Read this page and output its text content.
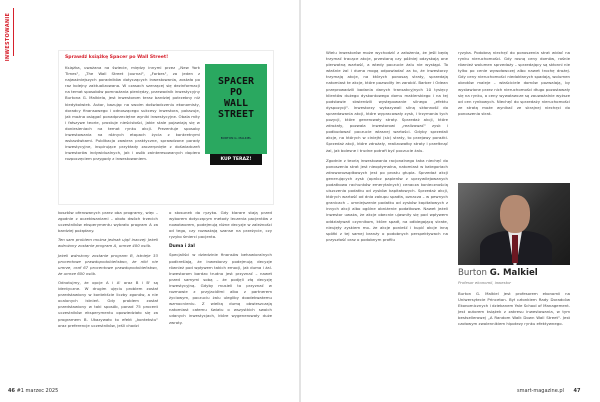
INWESTOWANIE	Sprawdź książkę Spacer po Wall Street!

Książka, uważana na świecie, między innymi przez „New York Times", „The Wall Street Journal", „Forbes", za jeden z najważniejszych poradników dotyczących inwestowania, została po raz kolejny zaktualizowana. W czasach szerzącej się dezinformacji na temat sposobów pomnażania pieniędzy, przewodnik inwestycyjny Burtona G. Malkiela, jest inwestorom teraz bardziej potrzebny niż kiedykolwiek. Autor, bazując na swoim doświadczeniu ekonomisty, doradcy finansowego i odnoszącego sukcesy inwestora, pokazuje, jak można osiągać ponadprzeciętne wyniki inwestycyjne. Obala mity i fałszywe teorie, prostuje nieścisłości, jakie stale pojawiają się w doniesieniach na temat rynku akcji. Prezentuje sposoby inwestowania na różnych etapach życia z konkretnymi wskazówkami. Publikacja zawiera praktyczne, sprawdzone porady inwestycyjne, inspirujące przykłady zaczerpnięte z doświadczeń inwestorów indywidualnych, jak i osób zainteresowanych dopiero rozpoczęciem przygody z inwestowaniem.

SPACER
PO
WALL
STREET
BURTON G. MALKIEL
KUP TERAZ!

kosztów oferowanych przez oba programy, więc – zgodnie z oczekiwaniami – około dwóch trzecich uczestników eksperymentu wybrało program A za bardziej pożądany.

Ten sam problem można jednak ująć inaczej: Jeżeli wdrożony zostanie program A, umrze 400 osób.

Jeżeli wdrożony zostanie program B, istnieje 33 procentowe prawdopodobieństwo, że nikt nie umrze, oraf 67 procentowe prawdopodobieństwo, że umrze 600 osób.

Odnotujmy, że opcje A i A' oraz B i B' są identyczne. W drugim ujęciu problem został przedstawiony w kontekście liczby zgonów, a nie ocalonych istnień. Gdy problem został przedstawiony w taki sposób, ponad 75 procent uczestników eksperymentu opowiedziało się za programem B. Ukazywało to efekt „kontekstu" oraz preferencje uczestników, jeśli chodzi

o stosunek do ryzyka. Gdy klarare stają przed wyborem dotyczącym metody leczenia pacjentów z nowotworem, podejmują różne decyzje w zależności od tego, czy rozważają szanse na przeżycie, czy ryzyko śmierci pacjenta.

Duma i żal

Specjaliści w dziedzinie finansów behawioralnych podkreślają, że inwestorzy podejmują decyzje również pod wpływem takich emocji, jak duma i żal. Inwestorom bardzo trudno jest przyznać – nawet przed samymi sobą – że podjęli złą decyzję inwestycyjną. Gdyby musieli to przyznać w rozmowie z przyjaciółmi albo z partnerem życiowym, poczuciu żalu ulegliby doadekwatemu wzmocnieniu. Z wielką dumą obwieszczają natomiast całemu światu o wszystkich swoich udanych inwestycjach, które wygenerowały duże zwroty.

46 #1 marzec 2025

Wielu inwestorów może wychodzić z założenia, że jeśli będą trzymać tracące akcje, przestaną czy później odzyskają one pierwotną wartość, a wtedy poczucie żalu nie wystąpi. To właśnie żal i duma mogą odpowiadać za to, że inwestorzy trzymają akcje, na których ponoszą straty, sprzedają natomiast te akcje, które pozwoliły im zarobić. Barber i Odean przeprowadzili badania danych transakcyjnych 10 tysięcy klientów dużego dyskontowego domu maklerskiego i na tej podstawie stwierdzili występowanie silnego „efektu dyspozycji". Inwestorzy wykazywali silną skłonność do sprzedawania akcji, które wypracowały zysk, i trzymania tych pozycji, które generowały straty. Sprzedaż akcji, które zdrożały, pozwala inwestorowi „realizować" zysk i podbudować poczucie własnej wartości. Gdyby sprzedali akcje, na których w ciniejhi (sic) straty, to przejawy porażki. Sprzedaż akcji, które zdrożały, realizowałby straty i przełknąć żal, jak bolesne i trudne potrafi być poczucie żalu.

Zgodnie z teorią inwestowania racjonalnego taka niechęć do ponoszenia strat jest nieoptymalna, natomiast w kategoriach zdroworozsądkowych jest po prostu głupia. Sprzedaż akcji generujących zysk (oprócz papierów z uprzywilejowanych podatkowo rachunków emerytalnych) cenacza koniecznością uiszczenia podatku od zysków kapitałowych. Sprzedaż akcji, których wartość od dnia zakupu spadła, oznacza – w pewnych granicach – umniejszenie podatku od zysków kapitałowych z innych akcji albo ogólne obniżenie podatkowe. Nawet jeżeli inwestor uważa, że akcje obecnie ujawniły się pod wpływem oddziaływań czynnikom, które spadł, na odbiegającą strate, nieujęty zyskiem mo- że akcje ponieść i kupić akcje inną spółki z tej samej branży o podobnych perspektywach na przyszłość oraz o podobnym profilu

ryzyka. Podobną niechęć do ponoszenia strat widać na rynku nieruchomości. Gdy rosną ceny domów, rośnie również wolumen sprzedaży – sprzedający są skłonni nie tylko po cenie wywoławczej albo nawet trochę drożej. Gdy ceny nieruchomości niedokłanych spadają, wolumen obrotów maleje – właściciele domów pozwalają, by wystawione przez nich nieruchomości długo pozostawały się na rynku, a ceny wywoławcze są zauważalnie wyższe od cen rynkowych. Niechęć do sprzedaży nieruchomości ze stratą może wynikać ze skrajnej niechęci do ponoszenia strat.

Burton G. Malkiel

Profesor ekonomii, inwestor

Burton G. Malkiel jest profesorem ekonomii na Uniwersytecie Princeton. Był członkiem Rady Doradców Ekonomicznych i dziekanem Yale School of Management. Jest autorem książek z zakresu inwestowania, w tym bestsellerowej „A Random Walk Down Wall Street". Jest czołowym zwolennikiem hipotezy rynku efektywnego.

smart-magazine.pl 47
